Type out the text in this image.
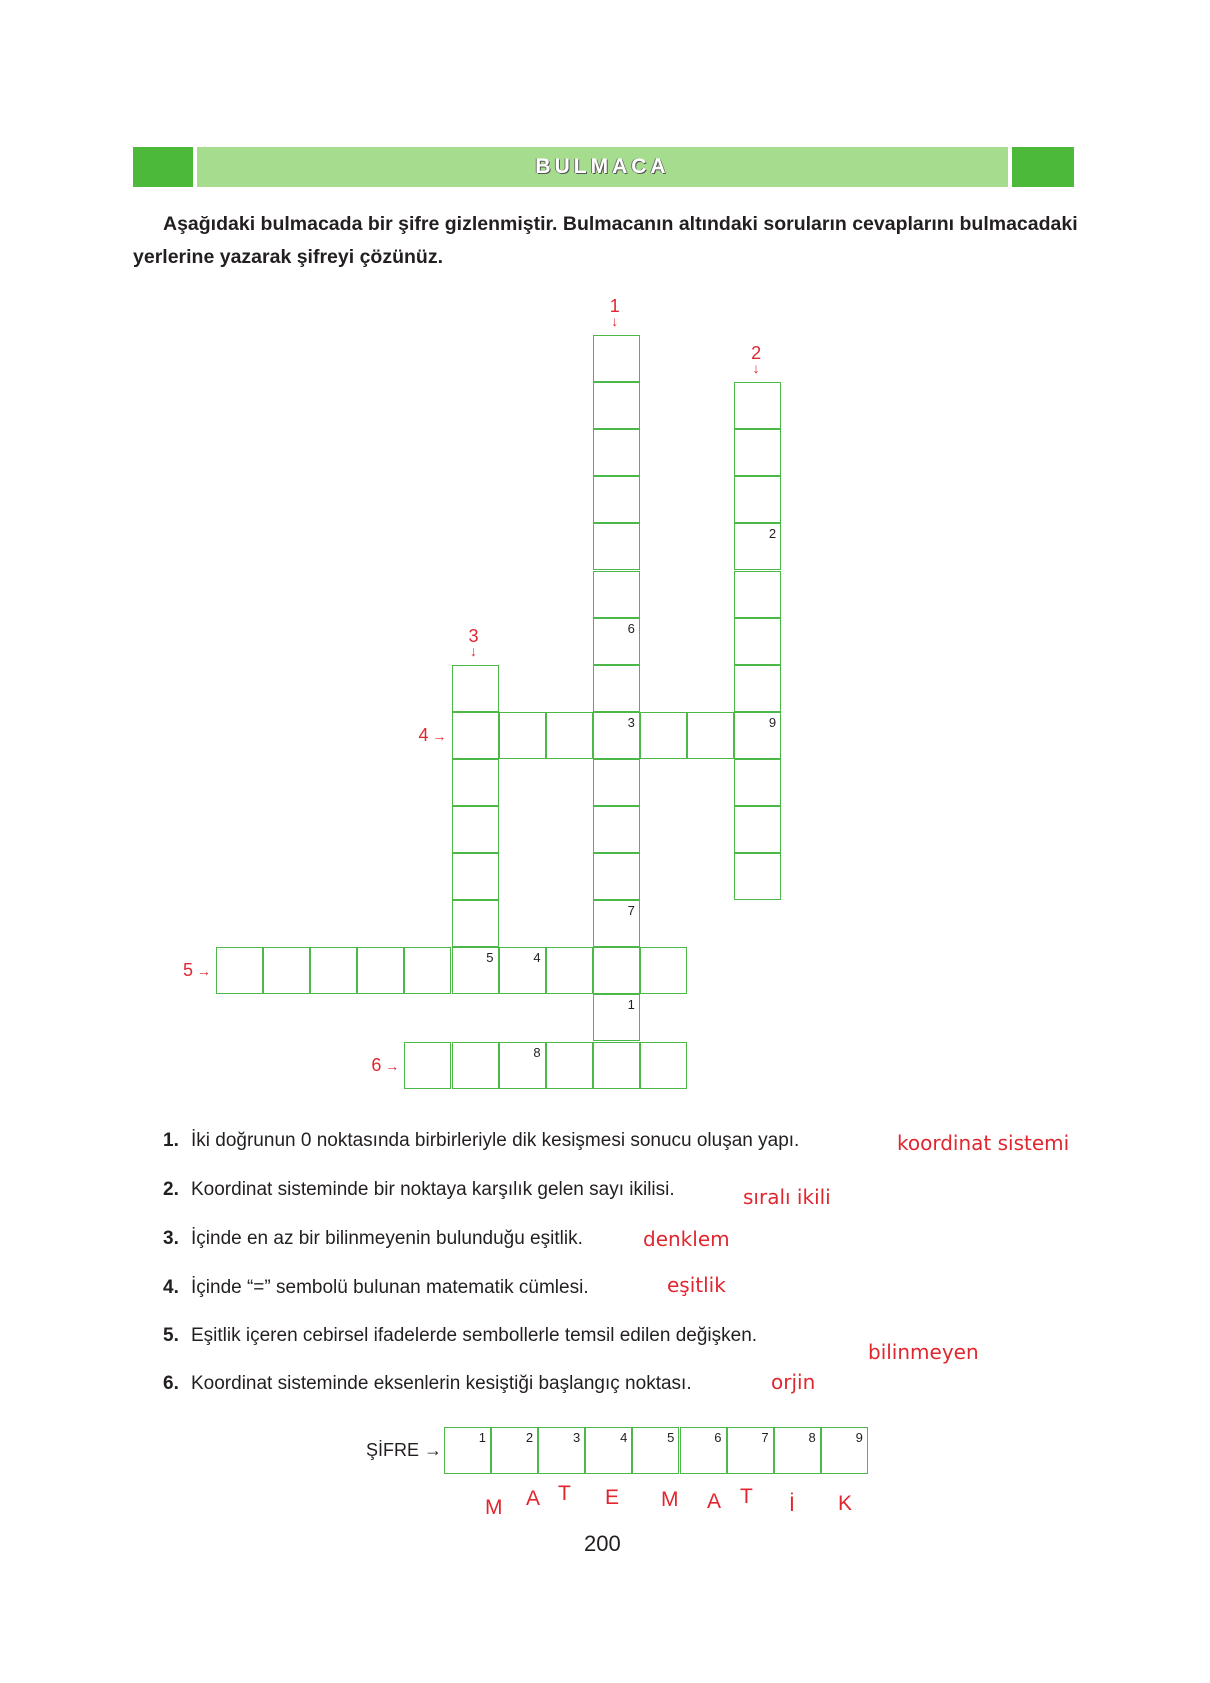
BULMACA
Aşağıdaki bulmacada bir şifre gizlenmiştir. Bulmacanın altındaki soruların cevaplarını bulmacadaki yerlerine yazarak şifreyi çözünüz.
6
3
7
1
2
9
5	4
8
1
↓
2
↓
3
↓
4 →
5 →
6 →
1. İki doğrunun 0 noktasında birbirleriyle dik kesişmesi sonucu oluşan yapı.	koordinat sistemi
2. Koordinat sisteminde bir noktaya karşılık gelen sayı ikilisi.	sıralı ikili
3. İçinde en az bir bilinmeyenin bulunduğu eşitlik.	denklem
4. İçinde “=” sembolü bulunan matematik cümlesi.	eşitlik
5. Eşitlik içeren cebirsel ifadelerde sembollerle temsil edilen değişken.
bilinmeyen
6. Koordinat sisteminde eksenlerin kesiştiği başlangıç noktası.	orjin
ŞİFRE →
1
M
2
A
3
T
4
E
5
M
6
A
7
T
8
İ
9
K
200
